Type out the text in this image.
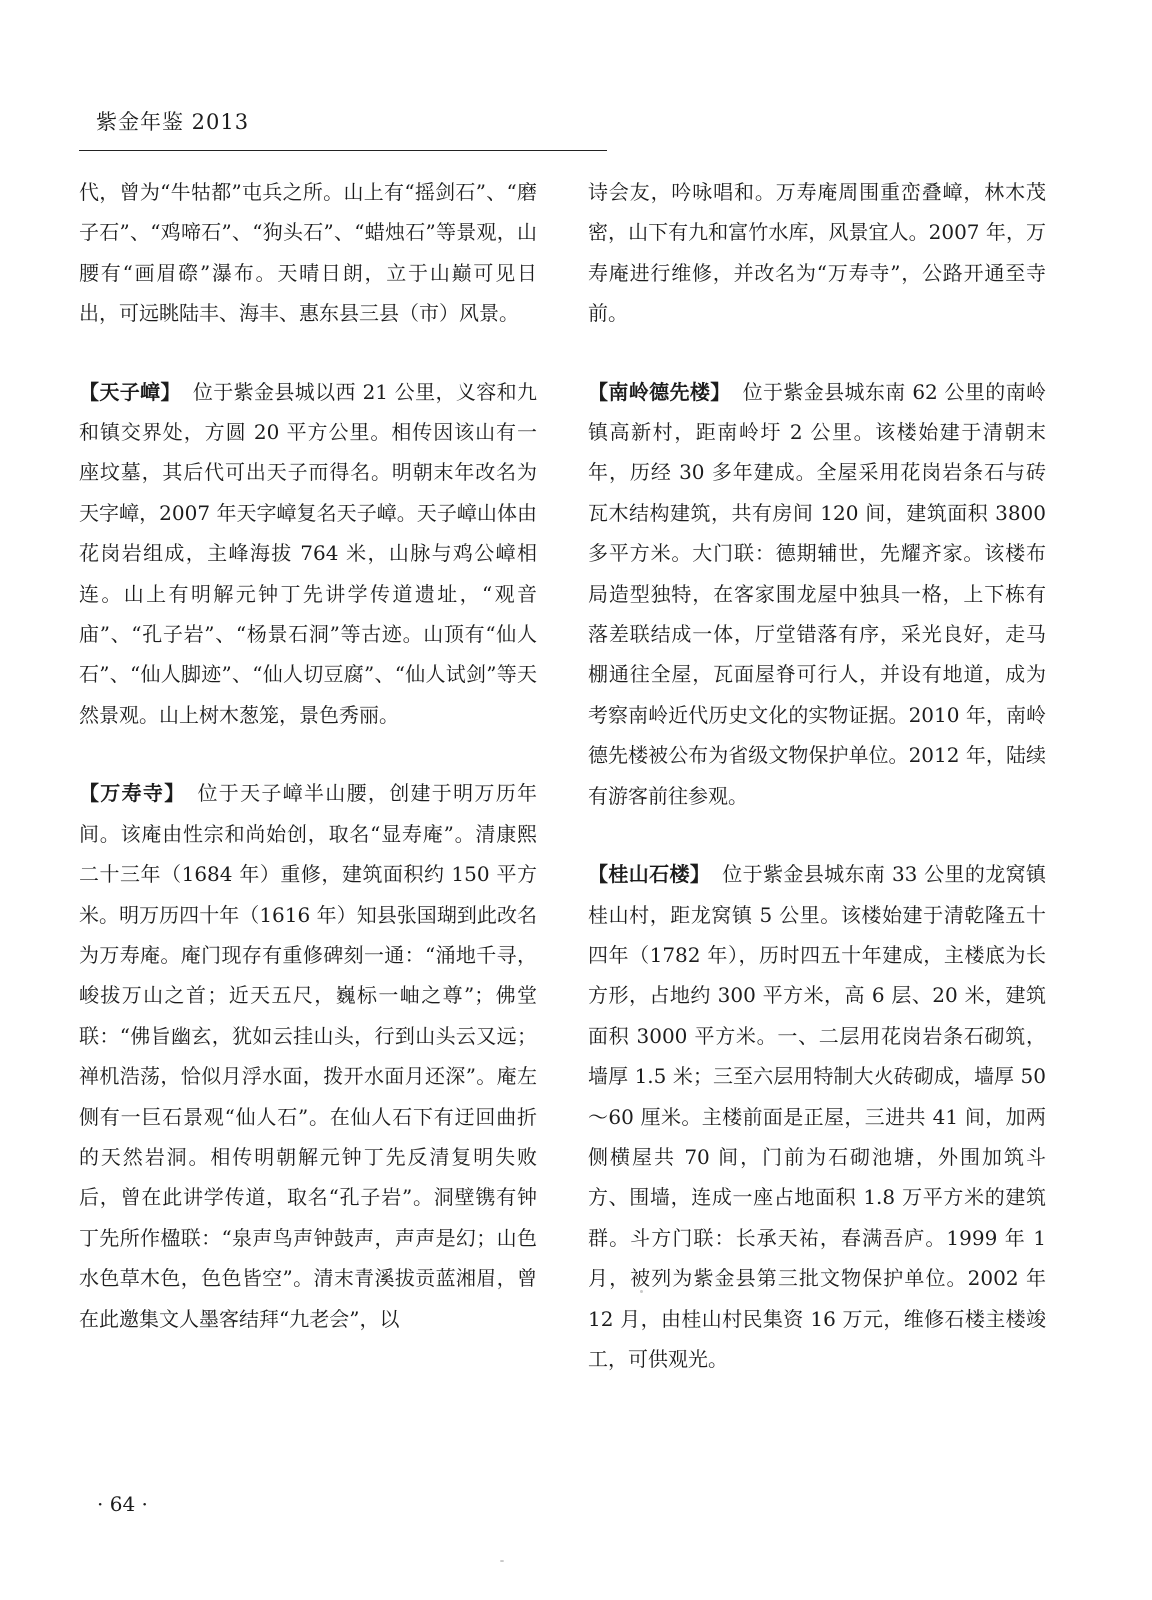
紫金年鉴 2013

代，曾为“牛牯都”屯兵之所。山上有“摇剑石”、“磨子石”、“鸡啼石”、“狗头石”、“蜡烛石”等景观，山腰有“画眉磜”瀑布。天晴日朗，立于山巅可见日出，可远眺陆丰、海丰、惠东县三县（市）风景。

【天子嶂】 位于紫金县城以西 21 公里，义容和九和镇交界处，方圆 20 平方公里。相传因该山有一座坟墓，其后代可出天子而得名。明朝末年改名为天字嶂，2007 年天字嶂复名天子嶂。天子嶂山体由花岗岩组成，主峰海拔 764 米，山脉与鸡公嶂相连。山上有明解元钟丁先讲学传道遗址，“观音庙”、“孔子岩”、“杨景石洞”等古迹。山顶有“仙人石”、“仙人脚迹”、“仙人切豆腐”、“仙人试剑”等天然景观。山上树木葱笼，景色秀丽。

【万寿寺】 位于天子嶂半山腰，创建于明万历年间。该庵由性宗和尚始创，取名“显寿庵”。清康熙二十三年（1684 年）重修，建筑面积约 150 平方米。明万历四十年（1616 年）知县张国瑚到此改名为万寿庵。庵门现存有重修碑刻一通：“涌地千寻，峻拔万山之首；近天五尺，巍标一岫之尊”；佛堂联：“佛旨幽玄，犹如云挂山头，行到山头云又远；禅机浩荡，恰似月浮水面，拨开水面月还深”。庵左侧有一巨石景观“仙人石”。在仙人石下有迂回曲折的天然岩洞。相传明朝解元钟丁先反清复明失败后，曾在此讲学传道，取名“孔子岩”。洞壁镌有钟丁先所作楹联：“泉声鸟声钟鼓声，声声是幻；山色水色草木色，色色皆空”。清末青溪拔贡蓝湘眉，曾在此邀集文人墨客结拜“九老会”，以

诗会友，吟咏唱和。万寿庵周围重峦叠嶂，林木茂密，山下有九和富竹水库，风景宜人。2007 年，万寿庵进行维修，并改名为“万寿寺”，公路开通至寺前。

【南岭德先楼】 位于紫金县城东南 62 公里的南岭镇高新村，距南岭圩 2 公里。该楼始建于清朝末年，历经 30 多年建成。全屋采用花岗岩条石与砖瓦木结构建筑，共有房间 120 间，建筑面积 3800 多平方米。大门联：德期辅世，先耀齐家。该楼布局造型独特，在客家围龙屋中独具一格，上下栋有落差联结成一体，厅堂错落有序，采光良好，走马棚通往全屋，瓦面屋脊可行人，并设有地道，成为考察南岭近代历史文化的实物证据。2010 年，南岭德先楼被公布为省级文物保护单位。2012 年，陆续有游客前往参观。

【桂山石楼】 位于紫金县城东南 33 公里的龙窝镇桂山村，距龙窝镇 5 公里。该楼始建于清乾隆五十四年（1782 年），历时四五十年建成，主楼底为长方形，占地约 300 平方米，高 6 层、20 米，建筑面积 3000 平方米。一、二层用花岗岩条石砌筑，墙厚 1.5 米；三至六层用特制大火砖砌成，墙厚 50～60 厘米。主楼前面是正屋，三进共 41 间，加两侧横屋共 70 间，门前为石砌池塘，外围加筑斗方、围墙，连成一座占地面积 1.8 万平方米的建筑群。斗方门联：长承天祐，春满吾庐。1999 年 1 月，被列为紫金县第三批文物保护单位。2002 年 12 月，由桂山村民集资 16 万元，维修石楼主楼竣工，可供观光。

· 64 ·
